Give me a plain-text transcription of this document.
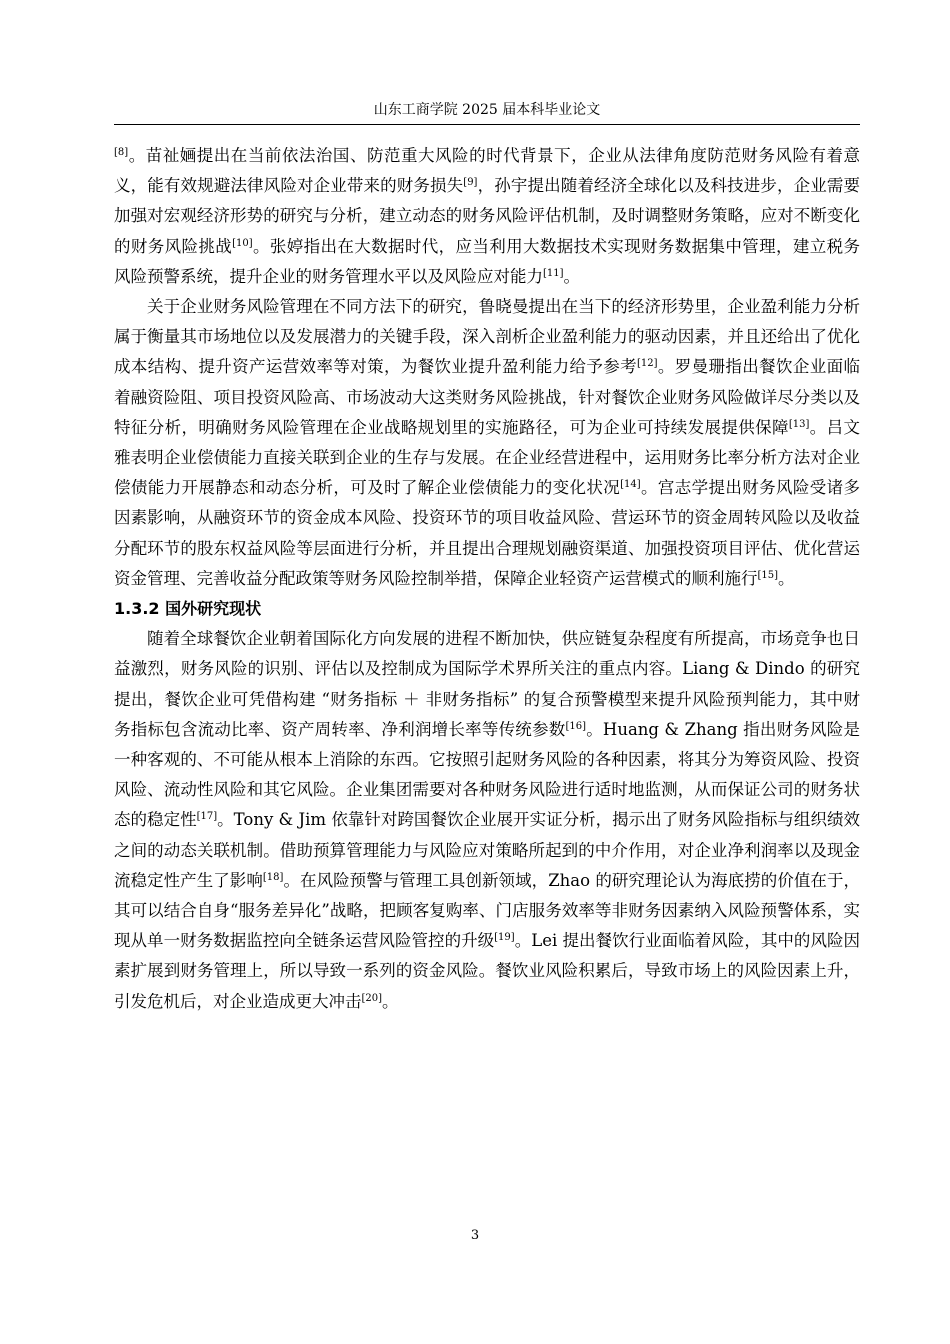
山东工商学院 2025 届本科毕业论文

[8]。苗祉婳提出在当前依法治国、防范重大风险的时代背景下，企业从法律角度防范财务风险有着意义，能有效规避法律风险对企业带来的财务损失[9]，孙宇提出随着经济全球化以及科技进步，企业需要加强对宏观经济形势的研究与分析，建立动态的财务风险评估机制，及时调整财务策略，应对不断变化的财务风险挑战[10]。张婷指出在大数据时代，应当利用大数据技术实现财务数据集中管理，建立税务风险预警系统，提升企业的财务管理水平以及风险应对能力[11]。

关于企业财务风险管理在不同方法下的研究，鲁晓曼提出在当下的经济形势里，企业盈利能力分析属于衡量其市场地位以及发展潜力的关键手段，深入剖析企业盈利能力的驱动因素，并且还给出了优化成本结构、提升资产运营效率等对策，为餐饮业提升盈利能力给予参考[12]。罗曼珊指出餐饮企业面临着融资险阻、项目投资风险高、市场波动大这类财务风险挑战，针对餐饮企业财务风险做详尽分类以及特征分析，明确财务风险管理在企业战略规划里的实施路径，可为企业可持续发展提供保障[13]。吕文雅表明企业偿债能力直接关联到企业的生存与发展。在企业经营进程中，运用财务比率分析方法对企业偿债能力开展静态和动态分析，可及时了解企业偿债能力的变化状况[14]。宫志学提出财务风险受诸多因素影响，从融资环节的资金成本风险、投资环节的项目收益风险、营运环节的资金周转风险以及收益分配环节的股东权益风险等层面进行分析，并且提出合理规划融资渠道、加强投资项目评估、优化营运资金管理、完善收益分配政策等财务风险控制举措，保障企业轻资产运营模式的顺利施行[15]。

1.3.2 国外研究现状

随着全球餐饮企业朝着国际化方向发展的进程不断加快，供应链复杂程度有所提高，市场竞争也日益激烈，财务风险的识别、评估以及控制成为国际学术界所关注的重点内容。Liang & Dindo 的研究提出，餐饮企业可凭借构建 “财务指标 ＋ 非财务指标” 的复合预警模型来提升风险预判能力，其中财务指标包含流动比率、资产周转率、净利润增长率等传统参数[16]。Huang & Zhang 指出财务风险是一种客观的、不可能从根本上消除的东西。它按照引起财务风险的各种因素，将其分为筹资风险、投资风险、流动性风险和其它风险。企业集团需要对各种财务风险进行适时地监测，从而保证公司的财务状态的稳定性[17]。Tony & Jim 依靠针对跨国餐饮企业展开实证分析，揭示出了财务风险指标与组织绩效之间的动态关联机制。借助预算管理能力与风险应对策略所起到的中介作用，对企业净利润率以及现金流稳定性产生了影响[18]。在风险预警与管理工具创新领域，Zhao 的研究理论认为海底捞的价值在于，其可以结合自身“服务差异化”战略，把顾客复购率、门店服务效率等非财务因素纳入风险预警体系，实现从单一财务数据监控向全链条运营风险管控的升级[19]。Lei 提出餐饮行业面临着风险，其中的风险因素扩展到财务管理上，所以导致一系列的资金风险。餐饮业风险积累后，导致市场上的风险因素上升，引发危机后，对企业造成更大冲击[20]。

3
